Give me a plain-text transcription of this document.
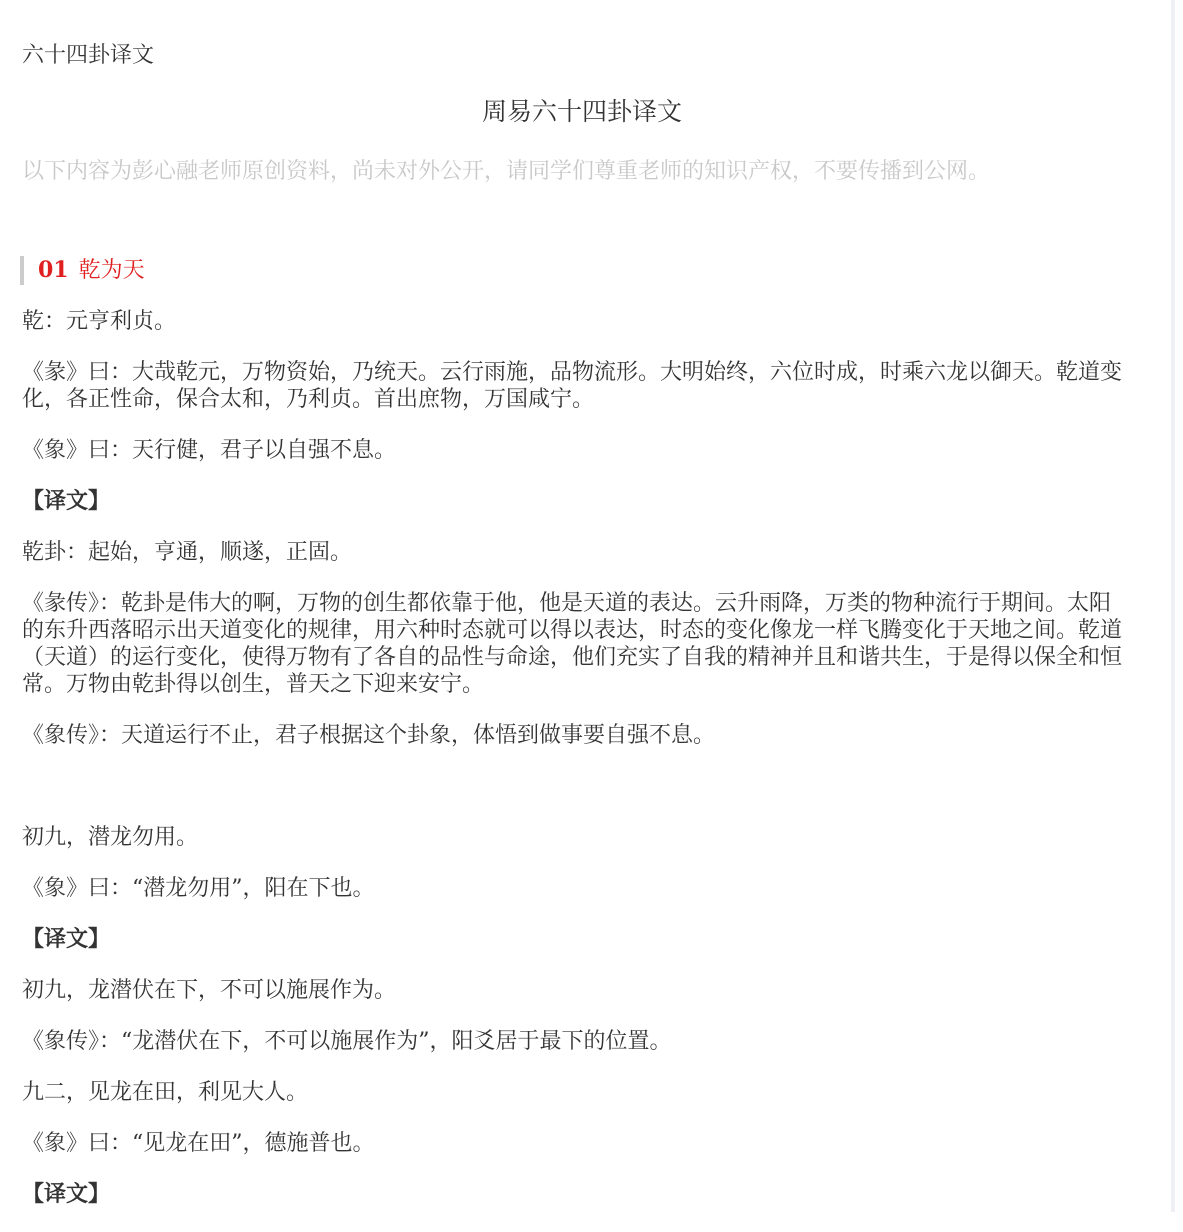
六十四卦译文
周易六十四卦译文
以下内容为彭心融老师原创资料，尚未对外公开，请同学们尊重老师的知识产权，不要传播到公网。
01 乾为天

乾：元亨利贞。

《彖》曰：大哉乾元，万物资始，乃统天。云行雨施，品物流形。大明始终，六位时成，时乘六龙以御天。乾道变化，各正性命，保合太和，乃利贞。首出庶物，万国咸宁。

《象》曰：天行健，君子以自强不息。

【译文】

乾卦：起始，亨通，顺遂，正固。

《彖传》：乾卦是伟大的啊，万物的创生都依靠于他，他是天道的表达。云升雨降，万类的物种流行于期间。太阳的东升西落昭示出天道变化的规律，用六种时态就可以得以表达，时态的变化像龙一样飞腾变化于天地之间。乾道（天道）的运行变化，使得万物有了各自的品性与命途，他们充实了自我的精神并且和谐共生，于是得以保全和恒常。万物由乾卦得以创生，普天之下迎来安宁。

《象传》：天道运行不止，君子根据这个卦象，体悟到做事要自强不息。

初九，潜龙勿用。

《象》曰：“潜龙勿用”，阳在下也。

【译文】

初九，龙潜伏在下，不可以施展作为。

《象传》：“龙潜伏在下，不可以施展作为”，阳爻居于最下的位置。

九二，见龙在田，利见大人。

《象》曰：“见龙在田”，德施普也。

【译文】
